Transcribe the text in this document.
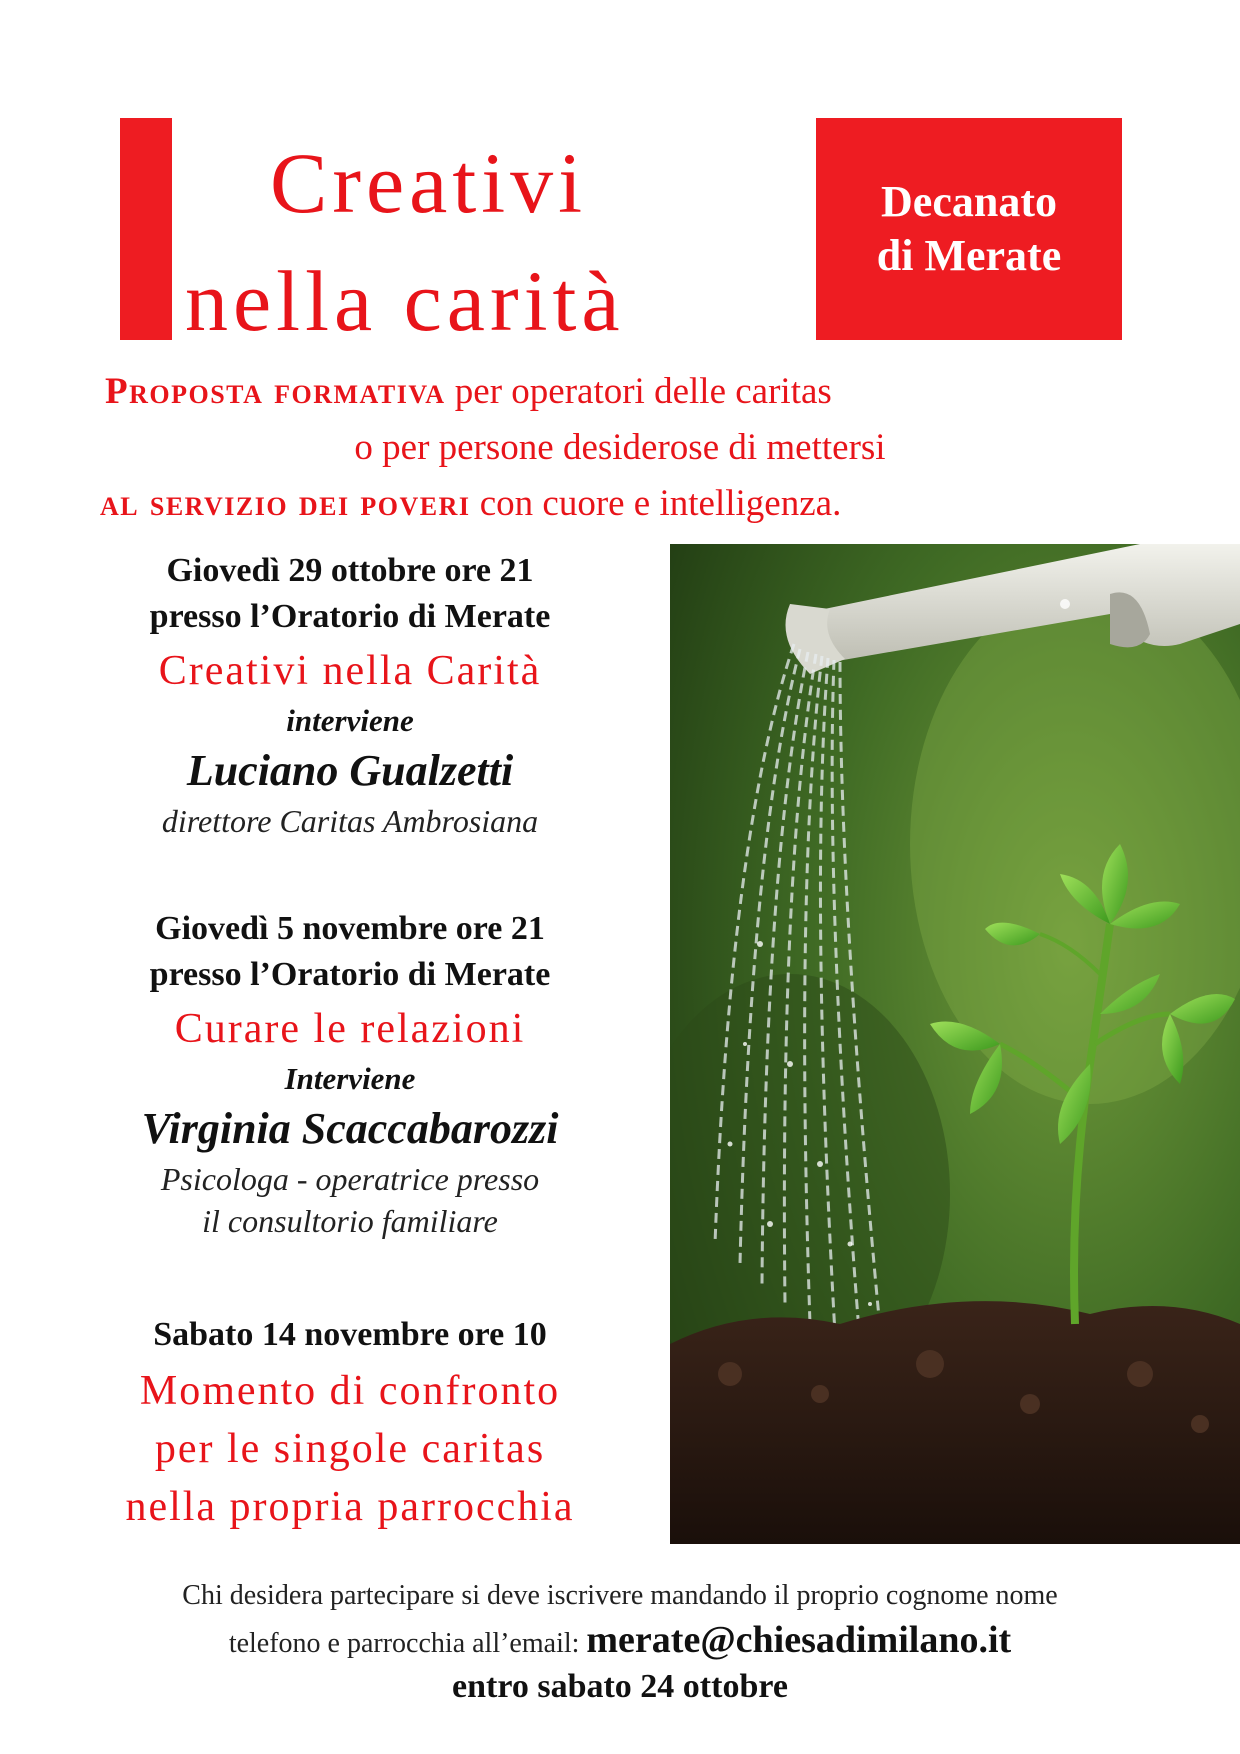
Creativi
nella carità
Decanato
di Merate
Proposta formativa per operatori delle caritas
o per persone desiderose di mettersi
al servizio dei poveri con cuore e intelligenza.
Giovedì 29 ottobre ore 21
presso l’Oratorio di Merate
Creativi nella Carità
interviene
Luciano Gualzetti
direttore Caritas Ambrosiana
Giovedì 5 novembre ore 21
presso l’Oratorio di Merate
Curare le relazioni
Interviene
Virginia Scaccabarozzi
Psicologa - operatrice presso
il consultorio familiare
Sabato 14 novembre ore 10
Momento di confronto
per le singole caritas
nella propria parrocchia
Chi desidera partecipare si deve iscrivere mandando il proprio cognome nome
telefono e parrocchia all’email: merate@chiesadimilano.it
entro sabato 24 ottobre
